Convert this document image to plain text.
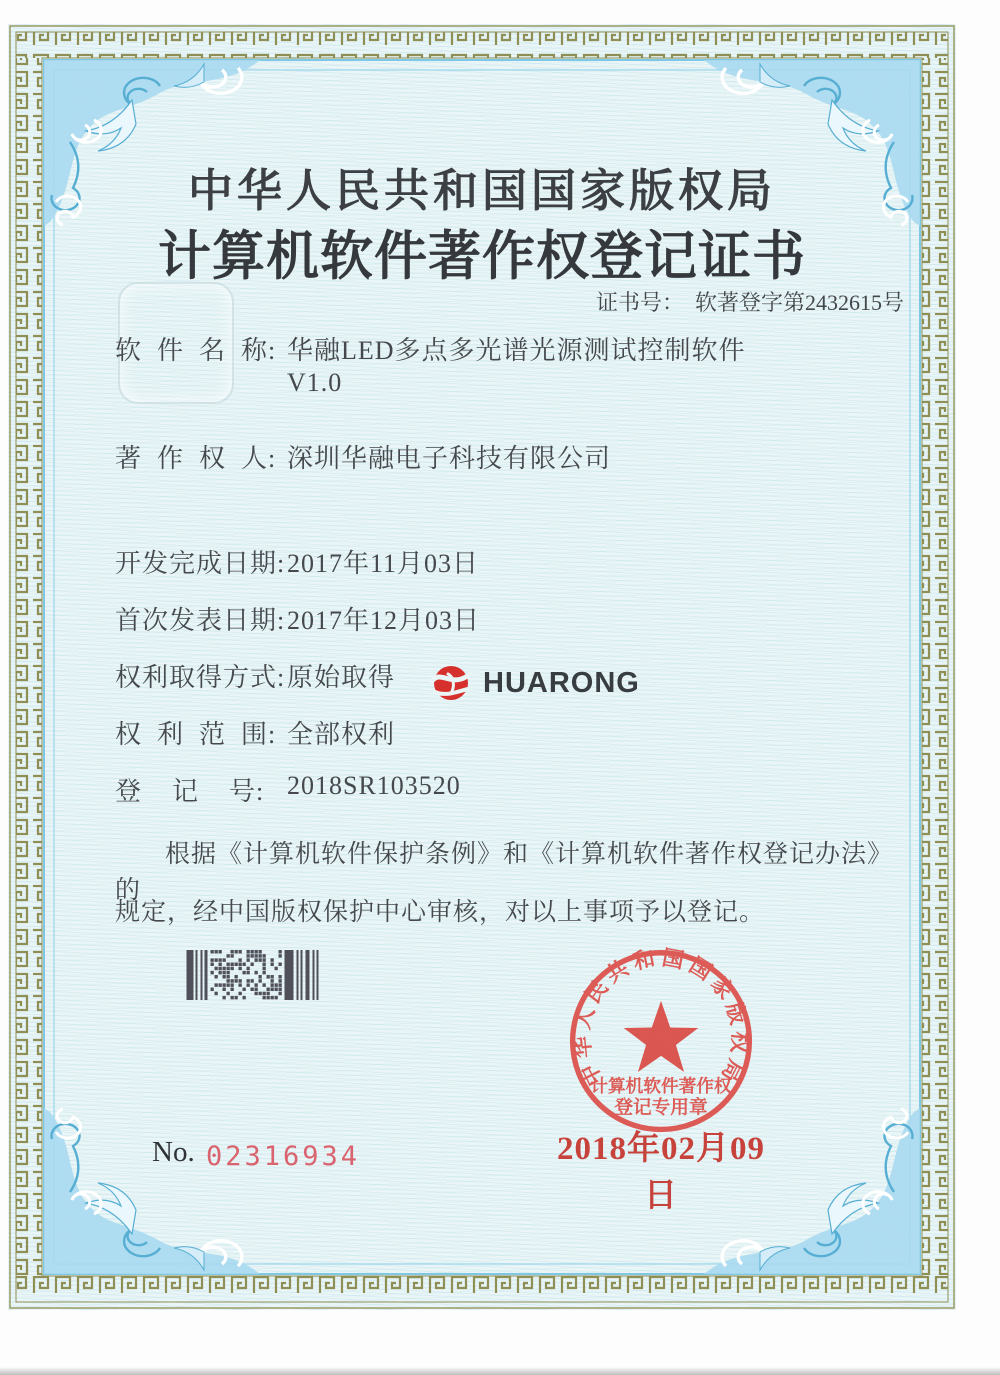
中华人民共和国国家版权局
计算机软件著作权登记证书
证书号： 软著登字第2432615号
软  件  名  称: 华融LED多点多光谱光源测试控制软件
V1.0
著  作  权  人: 深圳华融电子科技有限公司
开发完成日期: 2017年11月03日
首次发表日期: 2017年12月03日
权利取得方式: 原始取得
权  利  范  围: 全部权利
登    记    号: 2018SR103520
HUARONG

根据《计算机软件保护条例》和《计算机软件著作权登记办法》的

规定，经中国版权保护中心审核，对以上事项予以登记。

中华人民共和国国家版权局
计算机软件著作权
登记专用章
2018年02月09日
No. 02316934
